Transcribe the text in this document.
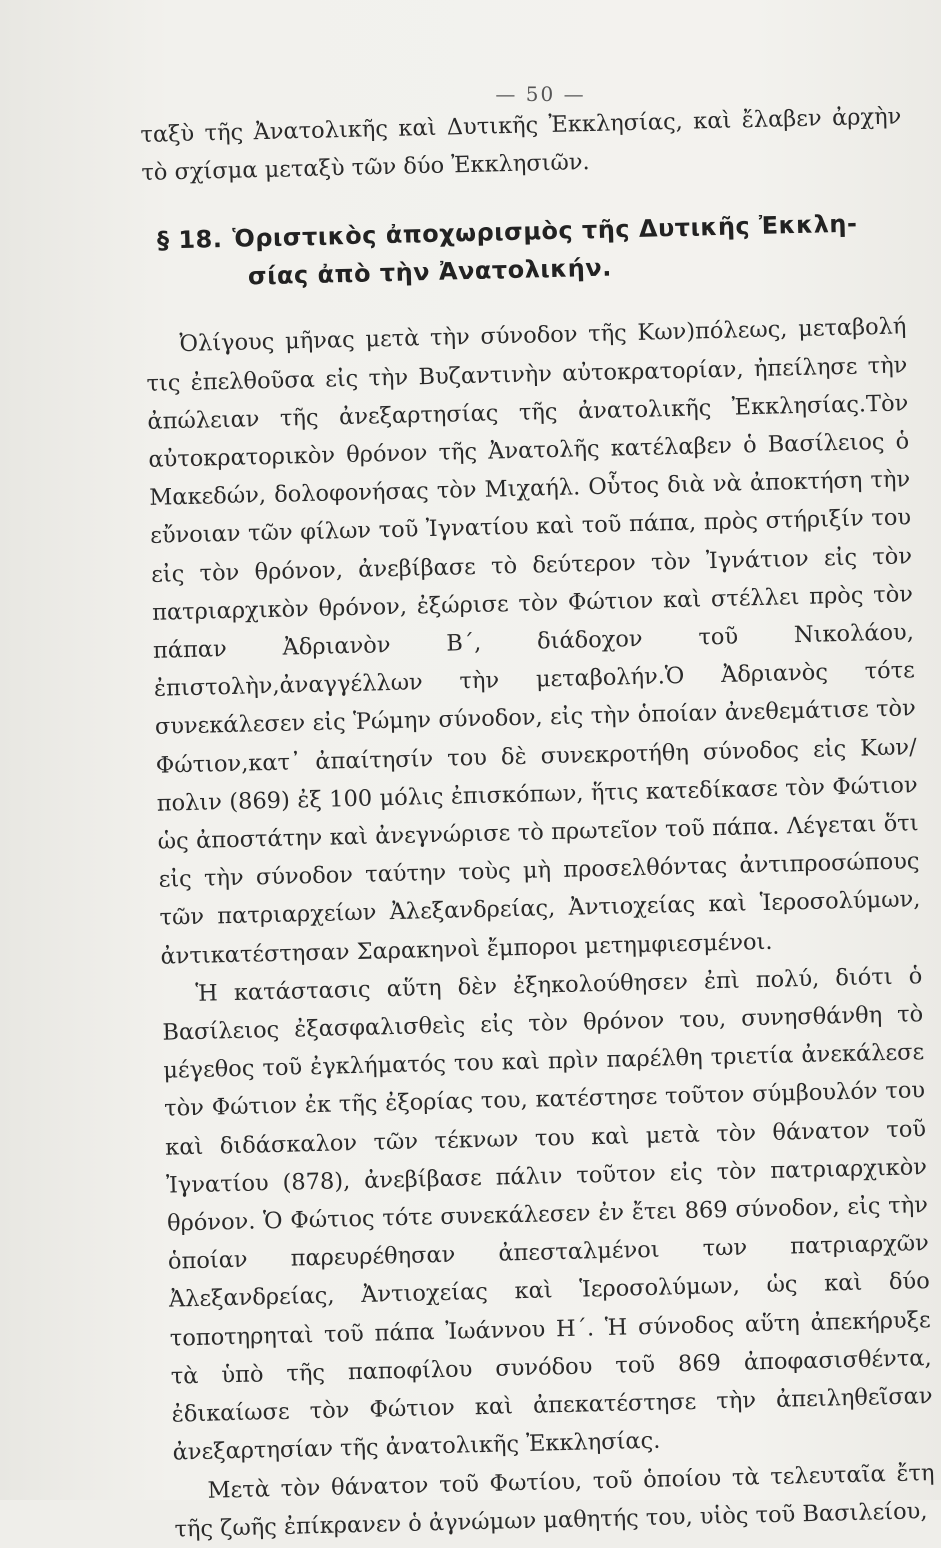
— 50 —

ταξὺ τῆς Ἀνατολικῆς καὶ Δυτικῆς Ἐκκλησίας, καὶ ἔλαβεν ἀρχὴν τὸ σχίσμα μεταξὺ τῶν δύο Ἐκκλησιῶν.

§ 18. Ὁριστικὸς ἀποχωρισμὸς τῆς Δυτικῆς Ἐκκλη-
σίας ἀπὸ τὴν Ἀνατολικήν.

Ὀλίγους μῆνας μετὰ τὴν σύνοδον τῆς Κων)πόλεως, μεταβολή τις ἐπελθοῦσα εἰς τὴν Βυζαντινὴν αὐτοκρατορίαν, ἠπείλησε τὴν ἀπώλειαν τῆς ἀνεξαρτησίας τῆς ἀνατολικῆς Ἐκκλησίας.Τὸν αὐτοκρατορικὸν θρόνον τῆς Ἀνατολῆς κατέλαβεν ὁ Βασίλειος ὁ Μακεδών, δολοφονήσας τὸν Μιχαήλ. Οὗτος διὰ νὰ ἀποκτήση τὴν εὔνοιαν τῶν φίλων τοῦ Ἰγνατίου καὶ τοῦ πάπα, πρὸς στήριξίν του εἰς τὸν θρόνον, ἀνεβίβασε τὸ δεύτερον τὸν Ἰγνάτιον εἰς τὸν πατριαρχικὸν θρόνον, ἐξώρισε τὸν Φώτιον καὶ στέλλει πρὸς τὸν πάπαν Ἀδριανὸν Β΄, διάδοχον τοῦ Νικολάου, ἐπιστολὴν,ἀναγγέλλων τὴν μεταβολήν.Ὁ Ἀδριανὸς τότε συνεκάλεσεν εἰς Ῥώμην σύνοδον, εἰς τὴν ὁποίαν ἀνεθεμάτισε τὸν Φώτιον,κατ᾽ ἀπαίτησίν του δὲ συνεκροτήθη σύνοδος εἰς Κων/πολιν (869) ἐξ 100 μόλις ἐπισκόπων, ἥτις κατεδίκασε τὸν Φώτιον ὡς ἀποστάτην καὶ ἀνεγνώρισε τὸ πρωτεῖον τοῦ πάπα. Λέγεται ὅτι εἰς τὴν σύνοδον ταύτην τοὺς μὴ προσελθόντας ἀντιπροσώπους τῶν πατριαρχείων Ἀλεξανδρείας, Ἀντιοχείας καὶ Ἱεροσολύμων, ἀντικατέστησαν Σαρακηνοὶ ἔμποροι μετημφιεσμένοι.

Ἡ κατάστασις αὕτη δὲν ἐξηκολούθησεν ἐπὶ πολύ, διότι ὁ Βασίλειος ἐξασφαλισθεὶς εἰς τὸν θρόνον του, συνησθάνθη τὸ μέγεθος τοῦ ἐγκλήματός του καὶ πρὶν παρέλθη τριετία ἀνεκάλεσε τὸν Φώτιον ἐκ τῆς ἐξορίας του, κατέστησε τοῦτον σύμβουλόν του καὶ διδάσκαλον τῶν τέκνων του καὶ μετὰ τὸν θάνατον τοῦ Ἰγνατίου (878), ἀνεβίβασε πάλιν τοῦτον εἰς τὸν πατριαρχικὸν θρόνον. Ὁ Φώτιος τότε συνεκάλεσεν ἐν ἔτει 869 σύνοδον, εἰς τὴν ὁποίαν παρευρέθησαν ἀπεσταλμένοι των πατριαρχῶν Ἀλεξανδρείας, Ἀντιοχείας καὶ Ἱεροσολύμων, ὡς καὶ δύο τοποτηρηταὶ τοῦ πάπα Ἰωάννου Η΄. Ἡ σύνοδος αὕτη ἀπεκήρυξε τὰ ὑπὸ τῆς παποφίλου συνόδου τοῦ 869 ἀποφασισθέντα, ἐδικαίωσε τὸν Φώτιον καὶ ἀπεκατέστησε τὴν ἀπειληθεῖσαν ἀνεξαρτησίαν τῆς ἀνατολικῆς Ἐκκλησίας.

Μετὰ τὸν θάνατον τοῦ Φωτίου, τοῦ ὁποίου τὰ τελευταῖα ἔτη τῆς ζωῆς ἐπίκρανεν ὁ ἀγνώμων μαθητής του, υἱὸς τοῦ Βασιλείου,
